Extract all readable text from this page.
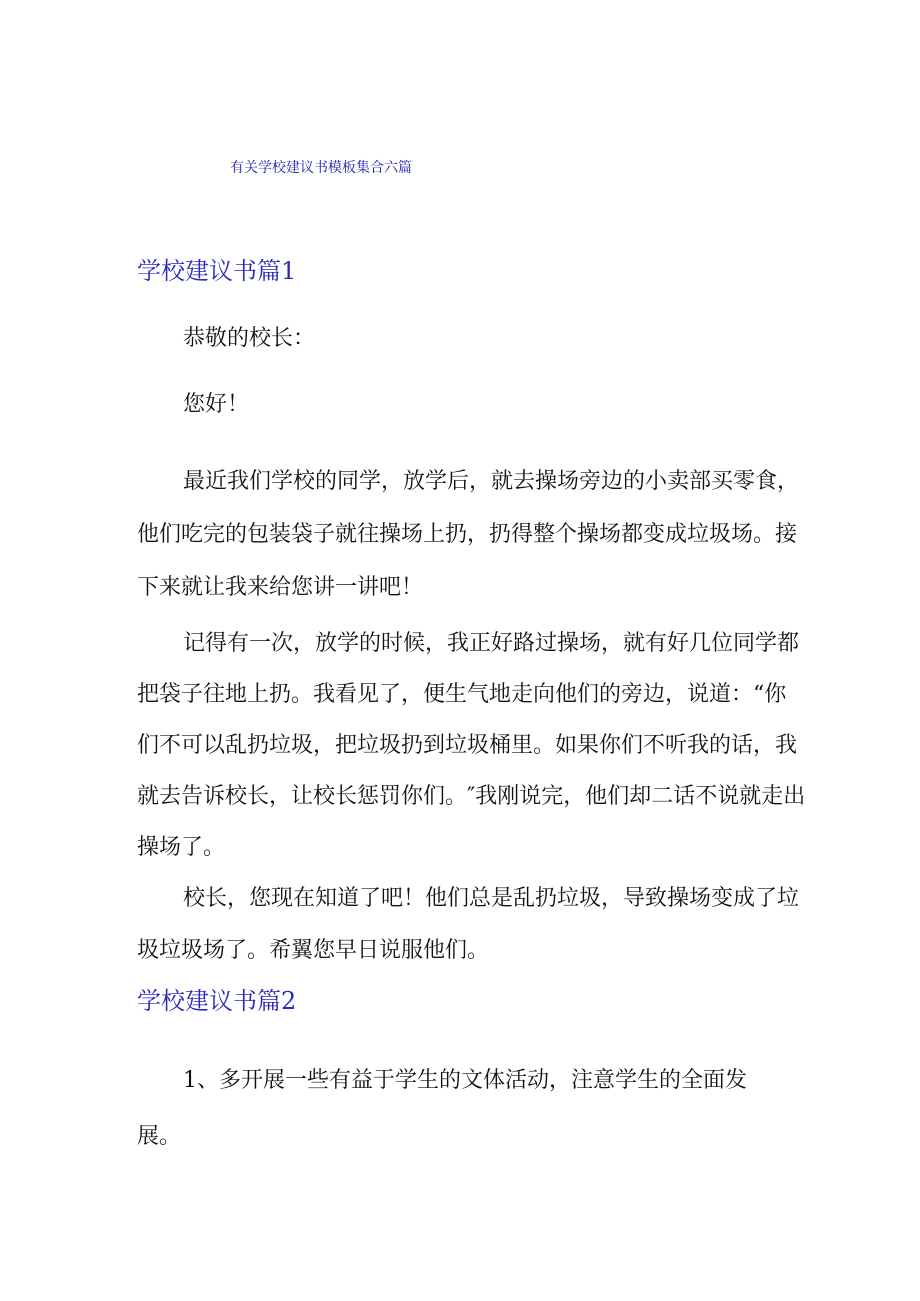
有关学校建议书模板集合六篇
学校建议书篇1
恭敬的校长：
您好！
最近我们学校的同学，放学后，就去操场旁边的小卖部买零食，
他们吃完的包装袋子就往操场上扔，扔得整个操场都变成垃圾场。接
下来就让我来给您讲一讲吧！
记得有一次，放学的时候，我正好路过操场，就有好几位同学都
把袋子往地上扔。我看见了，便生气地走向他们的旁边，说道：“你
们不可以乱扔垃圾，把垃圾扔到垃圾桶里。如果你们不听我的话，我
就去告诉校长，让校长惩罚你们。″我刚说完，他们却二话不说就走出
操场了。
校长，您现在知道了吧！他们总是乱扔垃圾，导致操场变成了垃
圾垃圾场了。希翼您早日说服他们。
学校建议书篇2
1、多开展一些有益于学生的文体活动，注意学生的全面发
展。
